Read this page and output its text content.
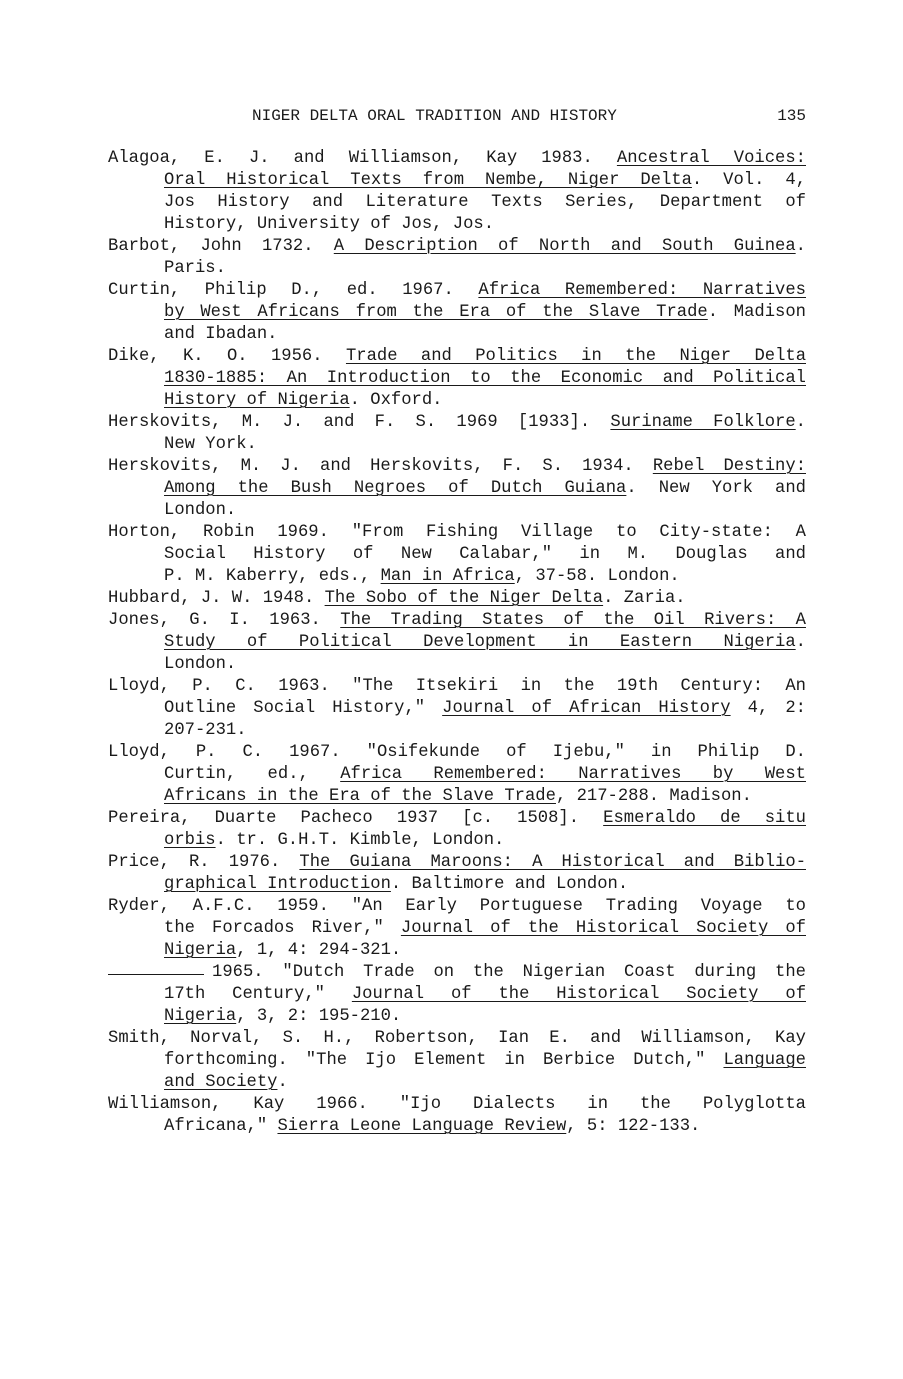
NIGER DELTA ORAL TRADITION AND HISTORY	135
Alagoa, E. J. and Williamson, Kay 1983. Ancestral Voices:
Oral Historical Texts from Nembe, Niger Delta. Vol. 4,
Jos History and Literature Texts Series, Department of
History, University of Jos, Jos.
Barbot, John 1732. A Description of North and South Guinea.
Paris.
Curtin, Philip D., ed. 1967. Africa Remembered: Narratives
by West Africans from the Era of the Slave Trade. Madison
and Ibadan.
Dike, K. O. 1956. Trade and Politics in the Niger Delta
1830-1885: An Introduction to the Economic and Political
History of Nigeria. Oxford.
Herskovits, M. J. and F. S. 1969 [1933]. Suriname Folklore.
New York.
Herskovits, M. J. and Herskovits, F. S. 1934. Rebel Destiny:
Among the Bush Negroes of Dutch Guiana. New York and
London.
Horton, Robin 1969. "From Fishing Village to City-state: A
Social History of New Calabar," in M. Douglas and
P. M. Kaberry, eds., Man in Africa, 37-58. London.
Hubbard, J. W. 1948. The Sobo of the Niger Delta. Zaria.
Jones, G. I. 1963. The Trading States of the Oil Rivers: A
Study of Political Development in Eastern Nigeria.
London.
Lloyd, P. C. 1963. "The Itsekiri in the 19th Century: An
Outline Social History," Journal of African History 4, 2:
207-231.
Lloyd, P. C. 1967. "Osifekunde of Ijebu," in Philip D.
Curtin, ed., Africa Remembered: Narratives by West
Africans in the Era of the Slave Trade, 217-288. Madison.
Pereira, Duarte Pacheco 1937 [c. 1508]. Esmeraldo de situ
orbis. tr. G.H.T. Kimble, London.
Price, R. 1976. The Guiana Maroons: A Historical and Biblio-
graphical Introduction. Baltimore and London.
Ryder, A.F.C. 1959. "An Early Portuguese Trading Voyage to
the Forcados River," Journal of the Historical Society of
Nigeria, 1, 4: 294-321.
1965. "Dutch Trade on the Nigerian Coast during the
17th Century," Journal of the Historical Society of
Nigeria, 3, 2: 195-210.
Smith, Norval, S. H., Robertson, Ian E. and Williamson, Kay
forthcoming. "The Ijo Element in Berbice Dutch," Language
and Society.
Williamson, Kay 1966. "Ijo Dialects in the Polyglotta
Africana," Sierra Leone Language Review, 5: 122-133.
